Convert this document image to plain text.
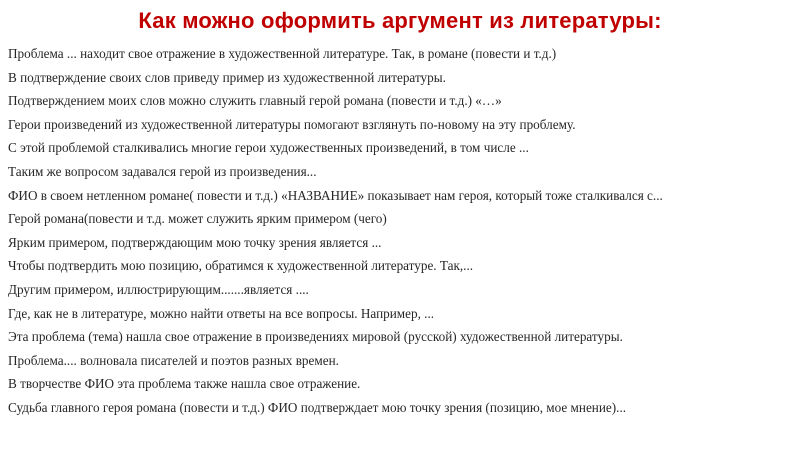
Как можно оформить аргумент из литературы:
Проблема ... находит свое отражение в художественной литературе. Так, в романе (повести и т.д.)
В подтверждение своих слов приведу пример из художественной литературы.
Подтверждением моих слов можно служить главный герой романа (повести и т.д.) «…»
Герои произведений из художественной литературы помогают взглянуть по-новому на эту проблему.
С этой проблемой сталкивались многие герои художественных произведений, в том числе ...
Таким же вопросом задавался герой из произведения...
ФИО в своем нетленном романе( повести и т.д.) «НАЗВАНИЕ» показывает нам героя, который тоже сталкивался с...
Герой романа(повести и т.д. может служить ярким примером (чего)
Ярким примером, подтверждающим мою точку зрения является ...
Чтобы подтвердить мою позицию, обратимся к художественной литературе. Так,...
Другим примером, иллюстрирующим.......является ....
Где, как не в литературе, можно найти ответы на все вопросы. Например, ...
Эта проблема (тема) нашла свое отражение в произведениях мировой (русской) художественной литературы.
Проблема.... волновала писателей и поэтов разных времен.
В творчестве ФИО эта проблема также нашла свое отражение.
Судьба главного героя романа (повести и т.д.) ФИО подтверждает мою точку зрения (позицию, мое мнение)...
